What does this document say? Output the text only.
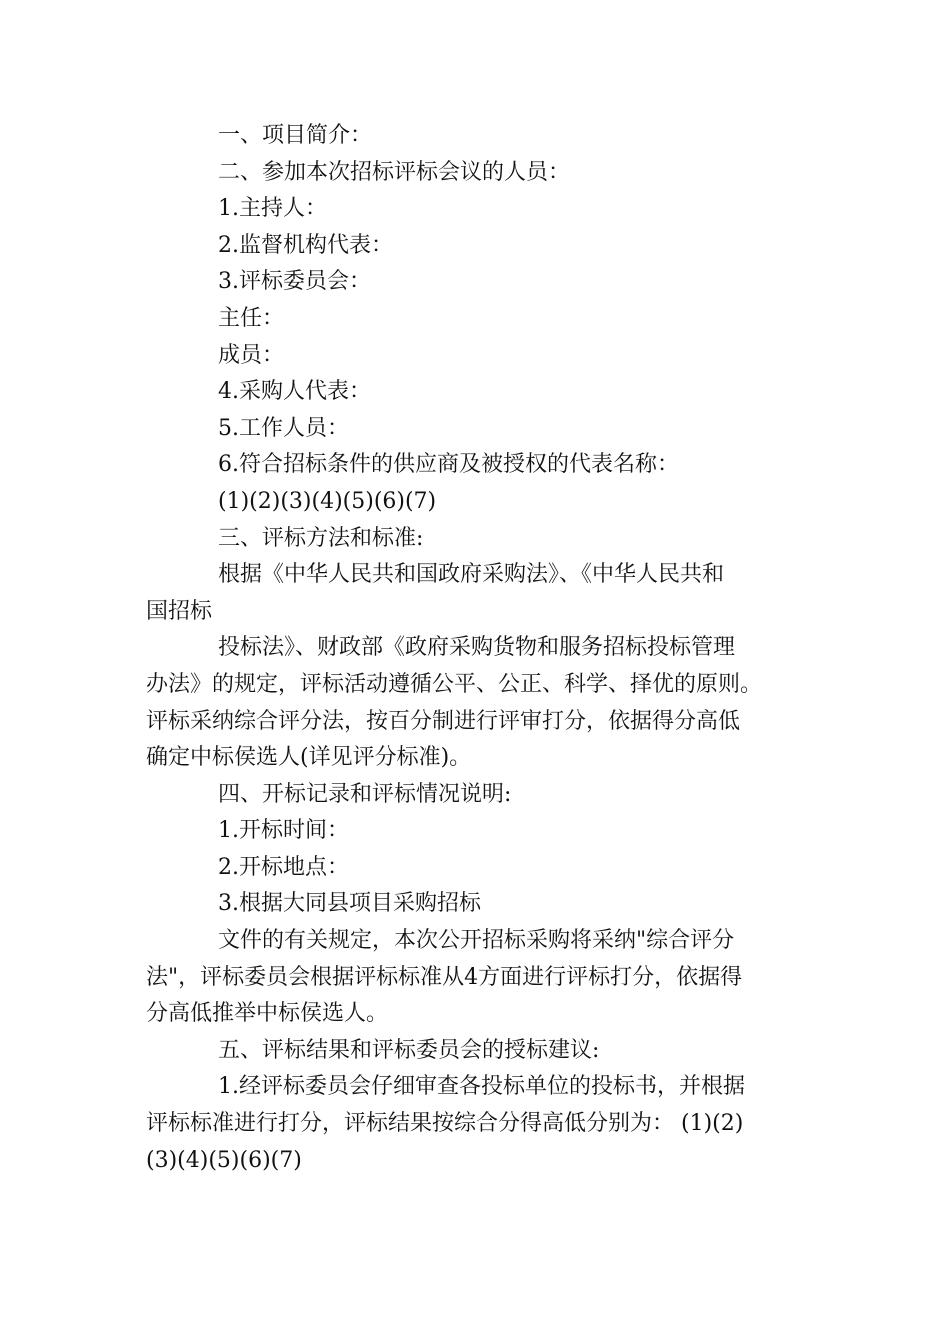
一、项目简介：
二、参加本次招标评标会议的人员：
1.主持人：
2.监督机构代表：
3.评标委员会：
主任：
成员：
4.采购人代表：
5.工作人员：
6.符合招标条件的供应商及被授权的代表名称：
(1)(2)(3)(4)(5)(6)(7)
三、评标方法和标准:
根据《中华人民共和国政府采购法》、《中华人民共和
国招标
投标法》、财政部《政府采购货物和服务招标投标管理
办法》的规定，评标活动遵循公平、公正、科学、择优的原则。
评标采纳综合评分法，按百分制进行评审打分，依据得分高低
确定中标侯选人(详见评分标准)。
四、开标记录和评标情况说明:
1.开标时间：
2.开标地点：
3.根据大同县项目采购招标
文件的有关规定，本次公开招标采购将采纳"综合评分
法"，评标委员会根据评标标准从4方面进行评标打分，依据得
分高低推举中标侯选人。
五、评标结果和评标委员会的授标建议:
1.经评标委员会仔细审查各投标单位的投标书，并根据
评标标准进行打分，评标结果按综合分得高低分别为： (1)(2)
(3)(4)(5)(6)(7)
